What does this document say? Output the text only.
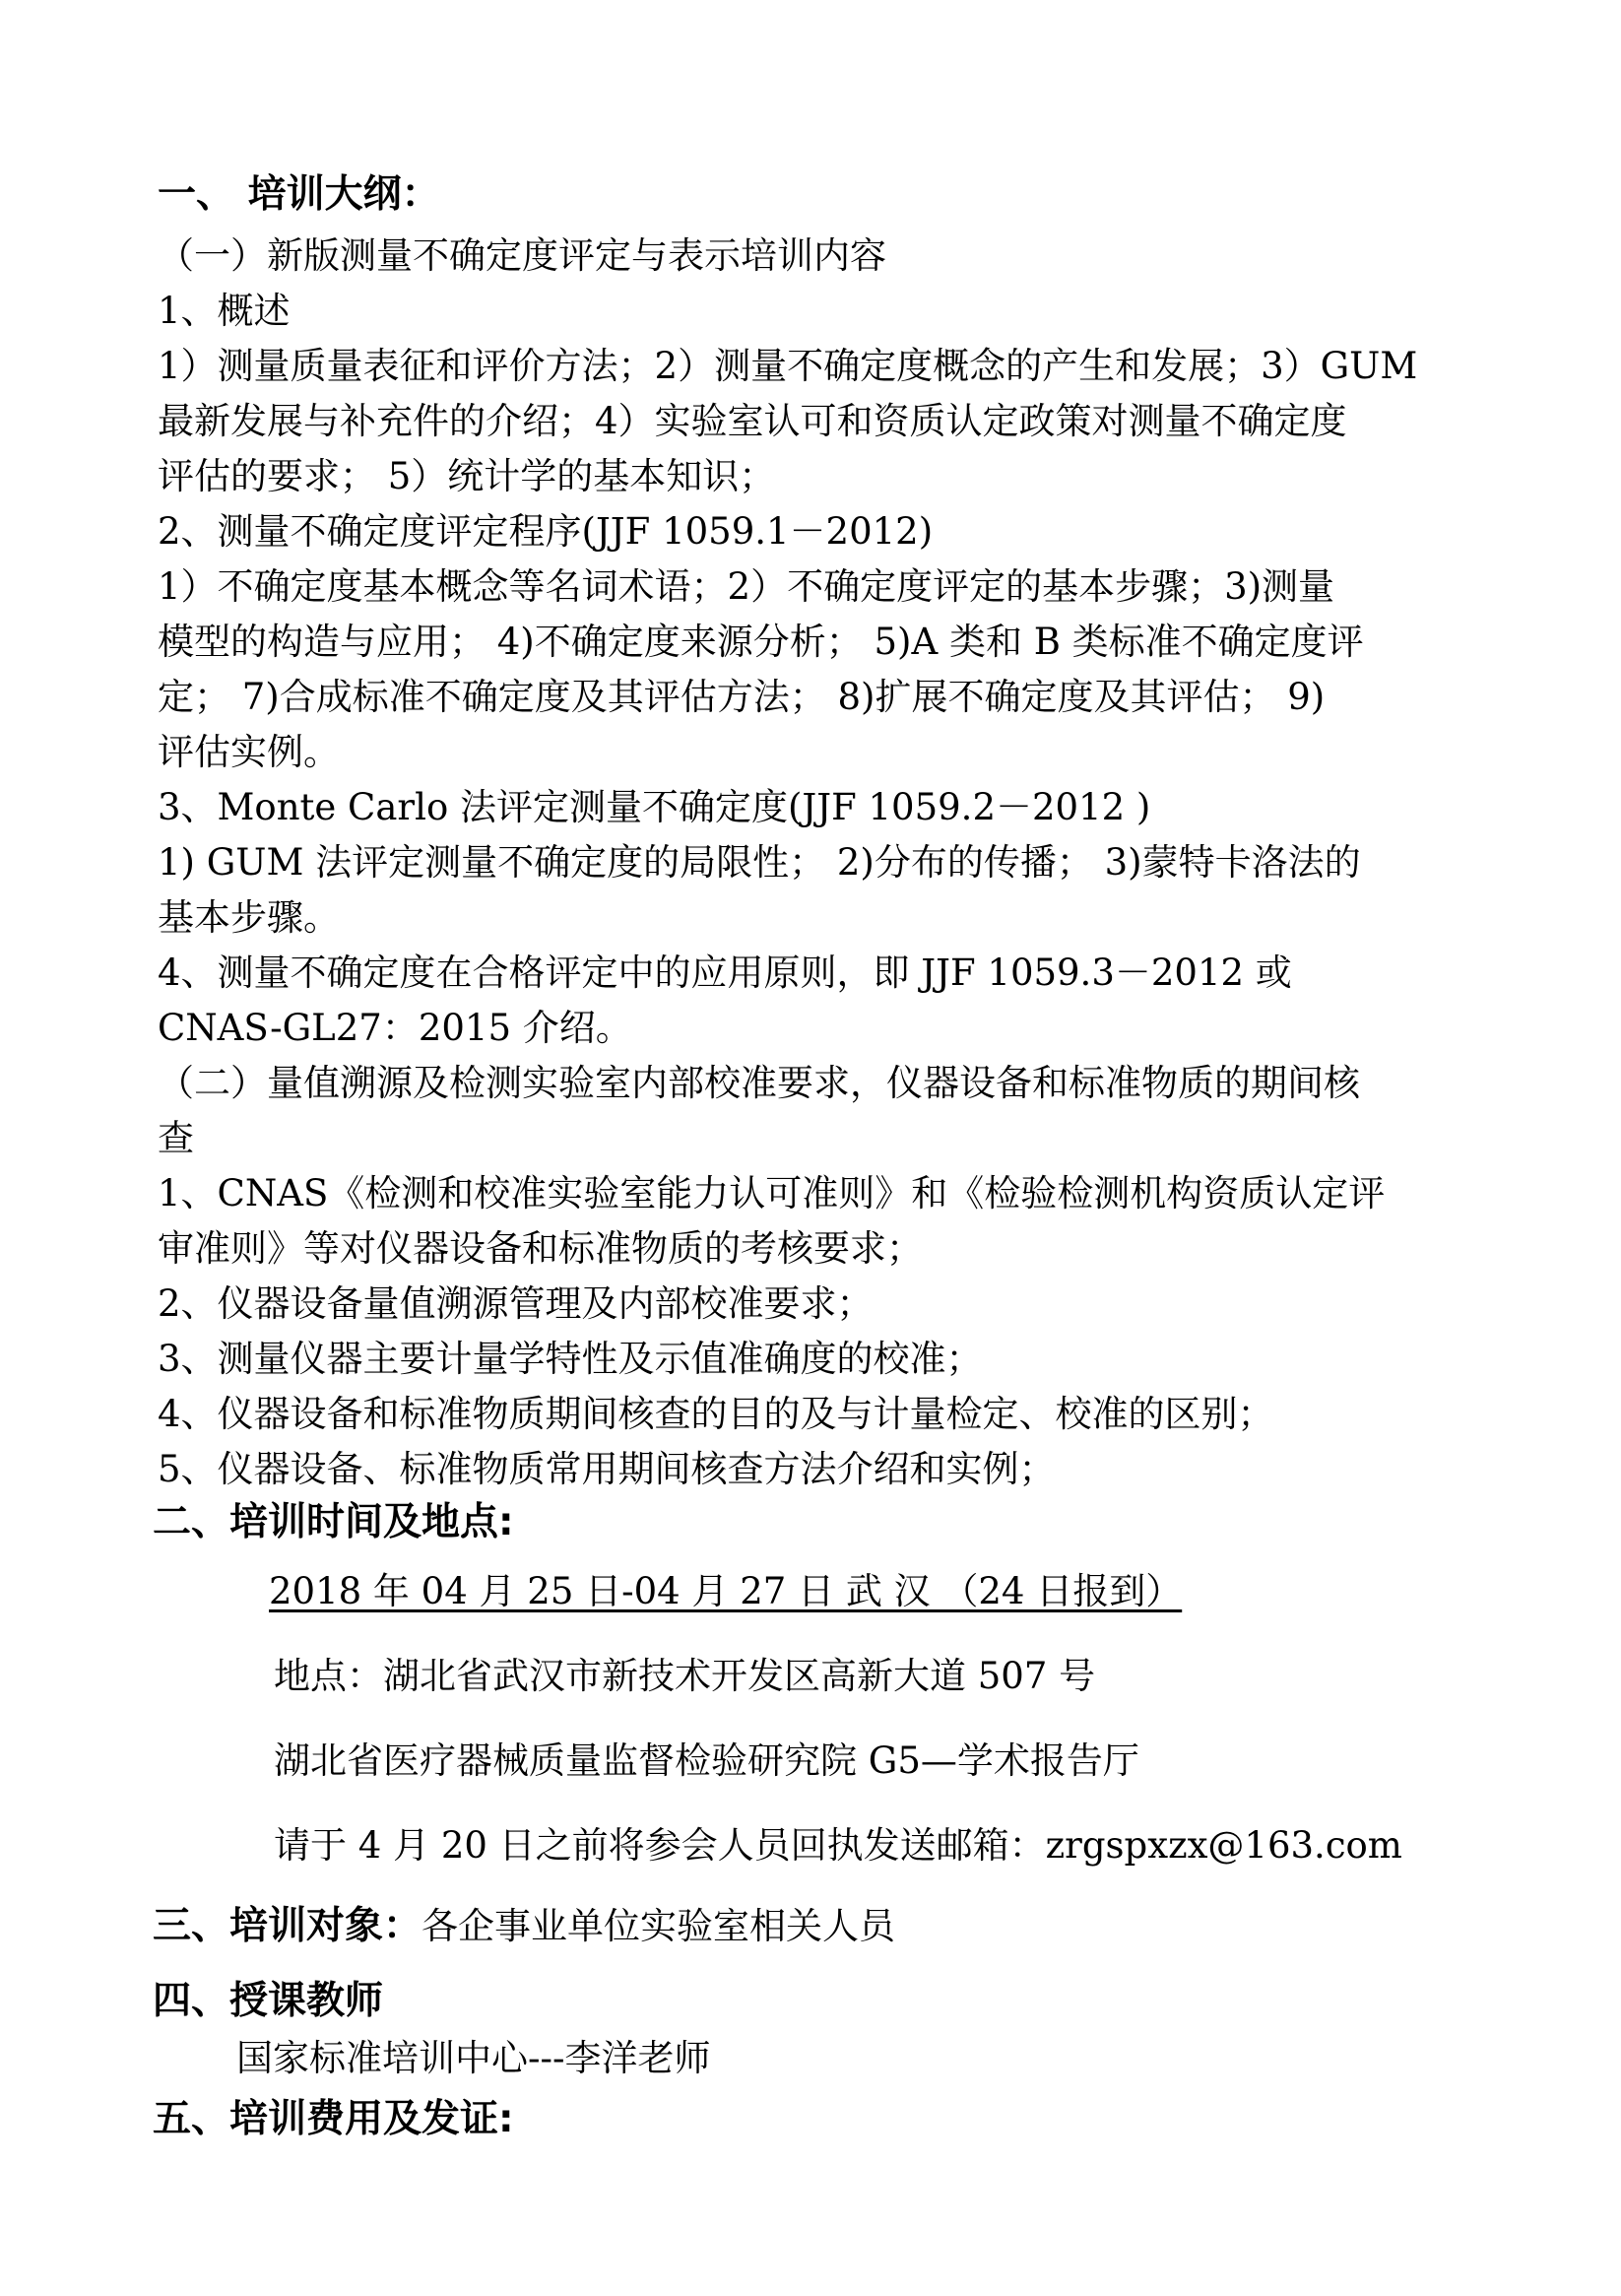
一、 培训大纲：
（一）新版测量不确定度评定与表示培训内容
1、概述
1）测量质量表征和评价方法；2）测量不确定度概念的产生和发展；3）GUM
最新发展与补充件的介绍；4）实验室认可和资质认定政策对测量不确定度
评估的要求； 5）统计学的基本知识；
2、测量不确定度评定程序(JJF 1059.1－2012)
1）不确定度基本概念等名词术语；2）不确定度评定的基本步骤；3)测量
模型的构造与应用； 4)不确定度来源分析； 5)A 类和 B 类标准不确定度评
定； 7)合成标准不确定度及其评估方法； 8)扩展不确定度及其评估； 9)
评估实例。
3、Monte Carlo 法评定测量不确定度(JJF 1059.2－2012 )
1) GUM 法评定测量不确定度的局限性； 2)分布的传播； 3)蒙特卡洛法的
基本步骤。
4、测量不确定度在合格评定中的应用原则，即 JJF 1059.3－2012 或
CNAS-GL27：2015 介绍。
（二）量值溯源及检测实验室内部校准要求，仪器设备和标准物质的期间核
查
1、CNAS《检测和校准实验室能力认可准则》和《检验检测机构资质认定评
审准则》等对仪器设备和标准物质的考核要求；
2、仪器设备量值溯源管理及内部校准要求；
3、测量仪器主要计量学特性及示值准确度的校准；
4、仪器设备和标准物质期间核查的目的及与计量检定、校准的区别；
5、仪器设备、标准物质常用期间核查方法介绍和实例；
二、培训时间及地点:
2018 年 04 月 25 日-04 月 27 日 武 汉 （24 日报到）
地点：湖北省武汉市新技术开发区高新大道 507 号
湖北省医疗器械质量监督检验研究院 G5—学术报告厅
请于 4 月 20 日之前将参会人员回执发送邮箱：zrgspxzx@163.com
三、培训对象：各企事业单位实验室相关人员
四、授课教师
国家标准培训中心---李洋老师
五、培训费用及发证:
